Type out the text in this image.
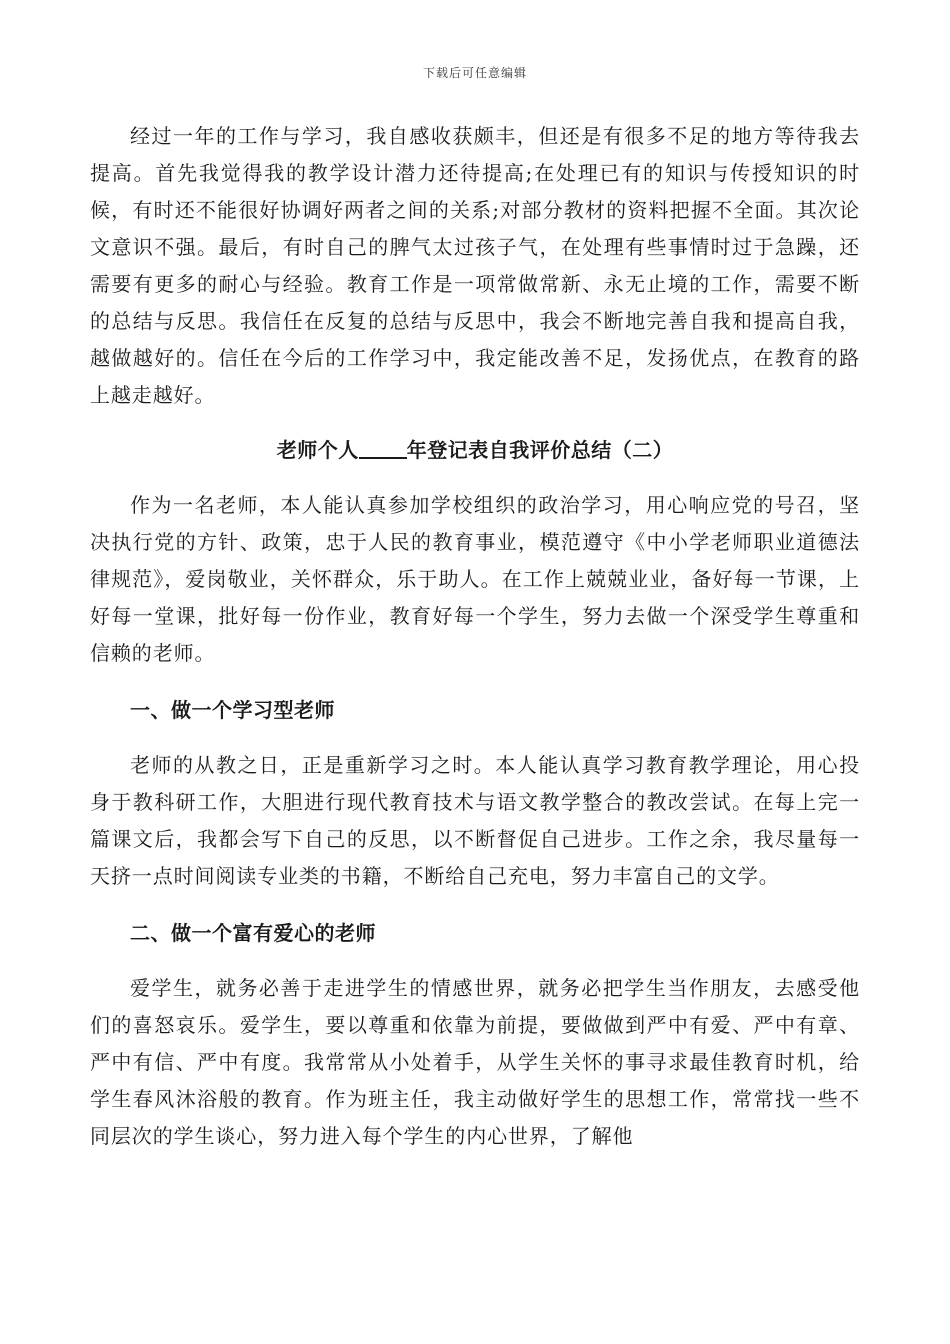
下载后可任意编辑

经过一年的工作与学习，我自感收获颇丰，但还是有很多不足的地方等待我去提高。首先我觉得我的教学设计潜力还待提高;在处理已有的知识与传授知识的时候，有时还不能很好协调好两者之间的关系;对部分教材的资料把握不全面。其次论文意识不强。最后，有时自己的脾气太过孩子气，在处理有些事情时过于急躁，还需要有更多的耐心与经验。教育工作是一项常做常新、永无止境的工作，需要不断的总结与反思。我信任在反复的总结与反思中，我会不断地完善自我和提高自我，越做越好的。信任在今后的工作学习中，我定能改善不足，发扬优点，在教育的路上越走越好。

老师个人 年登记表自我评价总结（二）

作为一名老师，本人能认真参加学校组织的政治学习，用心响应党的号召，坚决执行党的方针、政策，忠于人民的教育事业，模范遵守《中小学老师职业道德法律规范》，爱岗敬业，关怀群众，乐于助人。在工作上兢兢业业，备好每一节课，上好每一堂课，批好每一份作业，教育好每一个学生，努力去做一个深受学生尊重和信赖的老师。

一、做一个学习型老师

老师的从教之日，正是重新学习之时。本人能认真学习教育教学理论，用心投身于教科研工作，大胆进行现代教育技术与语文教学整合的教改尝试。在每上完一篇课文后，我都会写下自己的反思，以不断督促自己进步。工作之余，我尽量每一天挤一点时间阅读专业类的书籍，不断给自己充电，努力丰富自己的文学。

二、做一个富有爱心的老师

爱学生，就务必善于走进学生的情感世界，就务必把学生当作朋友，去感受他们的喜怒哀乐。爱学生，要以尊重和依靠为前提，要做做到严中有爱、严中有章、严中有信、严中有度。我常常从小处着手，从学生关怀的事寻求最佳教育时机，给学生春风沐浴般的教育。作为班主任，我主动做好学生的思想工作，常常找一些不同层次的学生谈心，努力进入每个学生的内心世界，了解他
